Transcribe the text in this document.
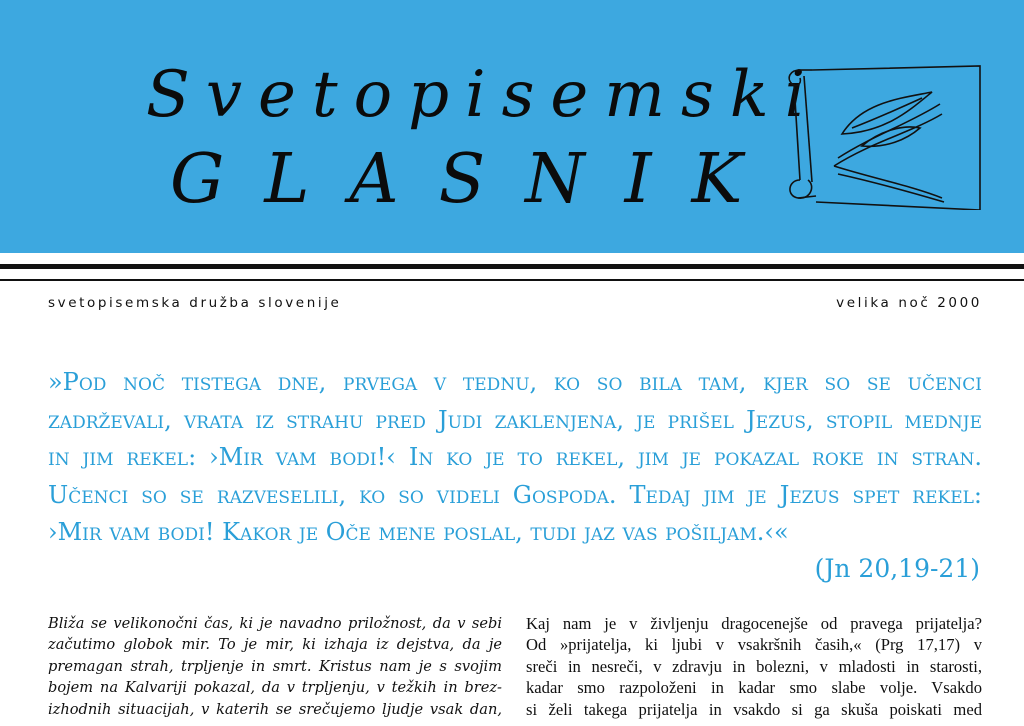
Svetopisemski
GLASNIK
svetopisemska družba slovenije	velika noč 2000
»Pod noč tistega dne, prvega v tednu, ko so bila tam, kjer so se učenci
zadrževali, vrata iz strahu pred Judi zaklenjena, je prišel Jezus, stopil mednje
in jim rekel: ›Mir vam bodi!‹ In ko je to rekel, jim je pokazal roke in stran.
Učenci so se razveselili, ko so videli Gospoda. Tedaj jim je Jezus spet rekel:
›Mir vam bodi! Kakor je Oče mene poslal, tudi jaz vas pošiljam.‹«
(Jn 20,19-21)
Bliža se velikonočni čas, ki je navadno priložnost, da v sebi
začutimo globok mir. To je mir, ki izhaja iz dejstva, da je
premagan strah, trpljenje in smrt. Kristus nam je s svojim
bojem na Kalvariji pokazal, da v trpljenju, v težkih in brez-
izhodnih situacijah, v katerih se srečujemo ljudje vsak dan,
Kaj nam je v življenju dragocenejše od pravega prijatelja?
Od »prijatelja, ki ljubi v vsakršnih časih,« (Prg 17,17) v
sreči in nesreči, v zdravju in bolezni, v mladosti in starosti,
kadar smo razpoloženi in kadar smo slabe volje. Vsakdo
si želi takega prijatelja in vsakdo si ga skuša poiskati med
